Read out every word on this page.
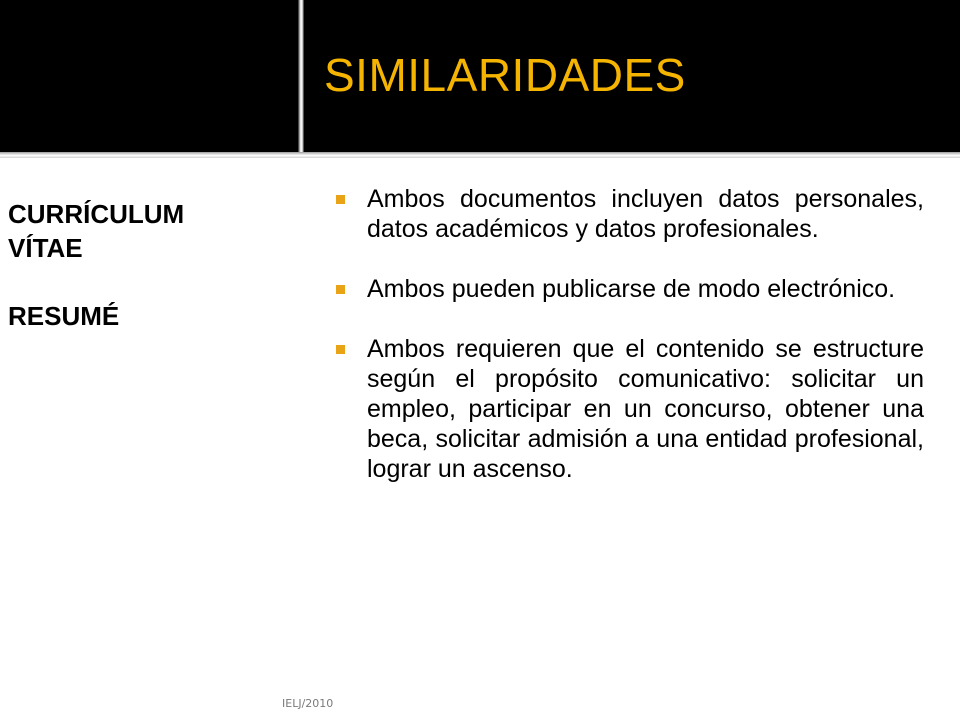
SIMILARIDADES
CURRÍCULUM
VÍTAE
RESUMÉ
Ambos documentos incluyen datos personales, datos académicos y datos profesionales.
Ambos pueden publicarse de modo electrónico.
Ambos requieren que el contenido se estructure según el propósito comunicativo: solicitar un empleo, participar en un concurso, obtener una beca, solicitar admisión a una entidad profesional, lograr un ascenso.
IELJ/2010
